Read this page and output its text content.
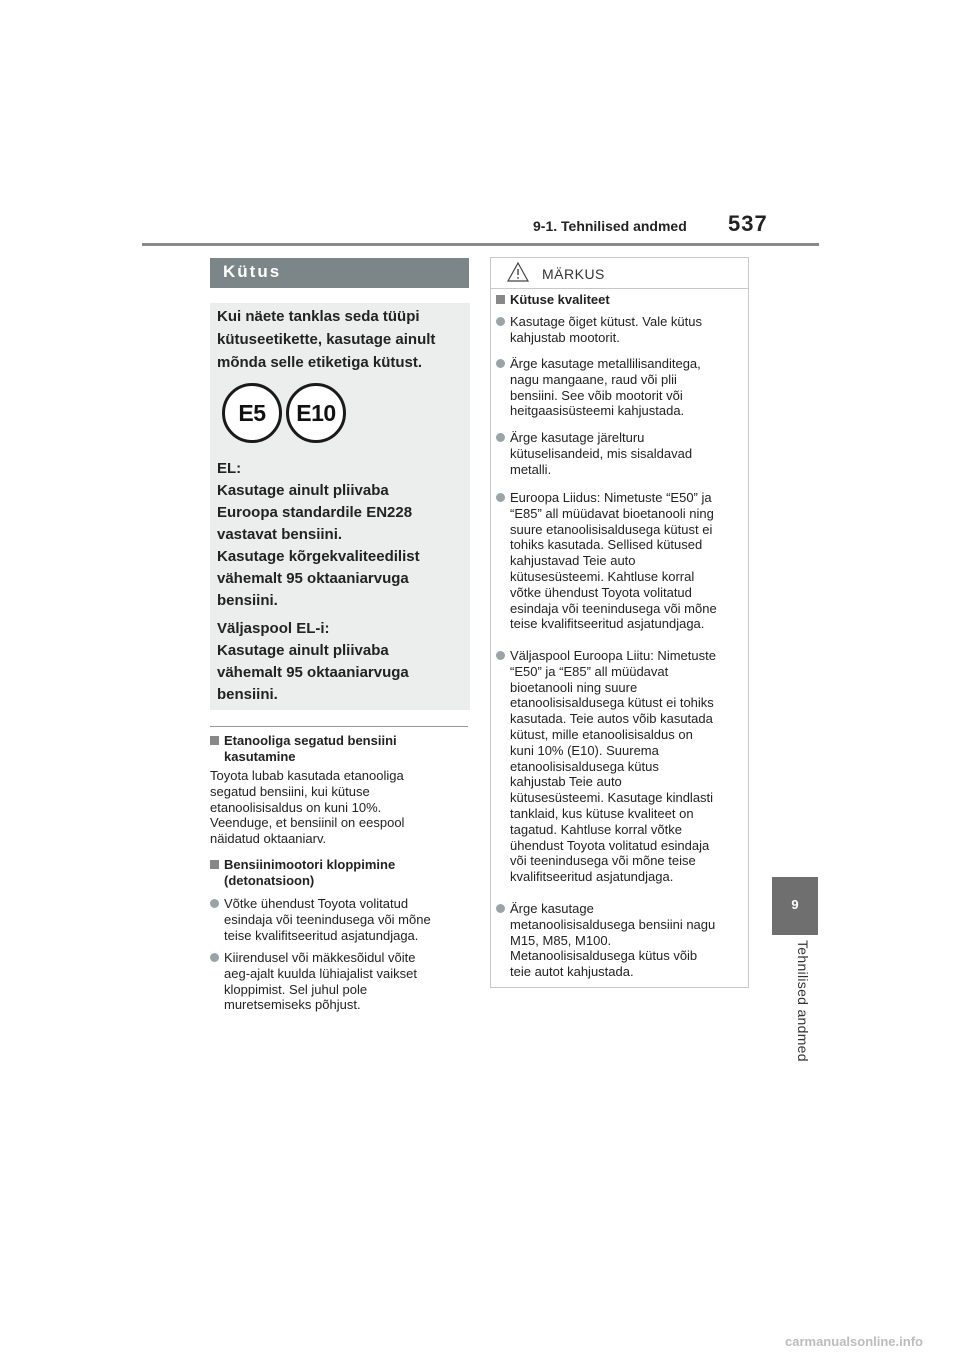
9-1. Tehnilised andmed 537
9
Tehnilised andmed
Kütus
Kui näete tanklas seda tüüpi
kütuseetikette, kasutage ainult
mõnda selle etiketiga kütust.
E5	E10
EL:
Kasutage ainult pliivaba
Euroopa standardile EN228
vastavat bensiini.
Kasutage kõrgekvaliteedilist
vähemalt 95 oktaaniarvuga
bensiini.
Väljaspool EL-i:
Kasutage ainult pliivaba
vähemalt 95 oktaaniarvuga
bensiini.
Etanooliga segatud bensiini
kasutamine
Toyota lubab kasutada etanooliga
segatud bensiini, kui kütuse
etanoolisisaldus on kuni 10%.
Veenduge, et bensiinil on eespool
näidatud oktaaniarv.
Bensiinimootori kloppimine
(detonatsioon)
Võtke ühendust Toyota volitatud
esindaja või teenindusega või mõne
teise kvalifitseeritud asjatundjaga.
Kiirendusel või mäkkesõidul võite
aeg-ajalt kuulda lühiajalist vaikset
kloppimist. Sel juhul pole
muretsemiseks põhjust.
MÄRKUS
Kütuse kvaliteet
Kasutage õiget kütust. Vale kütus
kahjustab mootorit.
Ärge kasutage metallilisanditega,
nagu mangaane, raud või plii
bensiini. See võib mootorit või
heitgaasisüsteemi kahjustada.
Ärge kasutage järelturu
kütuselisandeid, mis sisaldavad
metalli.
Euroopa Liidus: Nimetuste “E50” ja
“E85” all müüdavat bioetanooli ning
suure etanoolisisaldusega kütust ei
tohiks kasutada. Sellised kütused
kahjustavad Teie auto
kütusesüsteemi. Kahtluse korral
võtke ühendust Toyota volitatud
esindaja või teenindusega või mõne
teise kvalifitseeritud asjatundjaga.
Väljaspool Euroopa Liitu: Nimetuste
“E50” ja “E85” all müüdavat
bioetanooli ning suure
etanoolisisaldusega kütust ei tohiks
kasutada. Teie autos võib kasutada
kütust, mille etanoolisisaldus on
kuni 10% (E10). Suurema
etanoolisisaldusega kütus
kahjustab Teie auto
kütusesüsteemi. Kasutage kindlasti
tanklaid, kus kütuse kvaliteet on
tagatud. Kahtluse korral võtke
ühendust Toyota volitatud esindaja
või teenindusega või mõne teise
kvalifitseeritud asjatundjaga.
Ärge kasutage
metanoolisisaldusega bensiini nagu
M15, M85, M100.
Metanoolisisaldusega kütus võib
teie autot kahjustada.
carmanualsonline.info
